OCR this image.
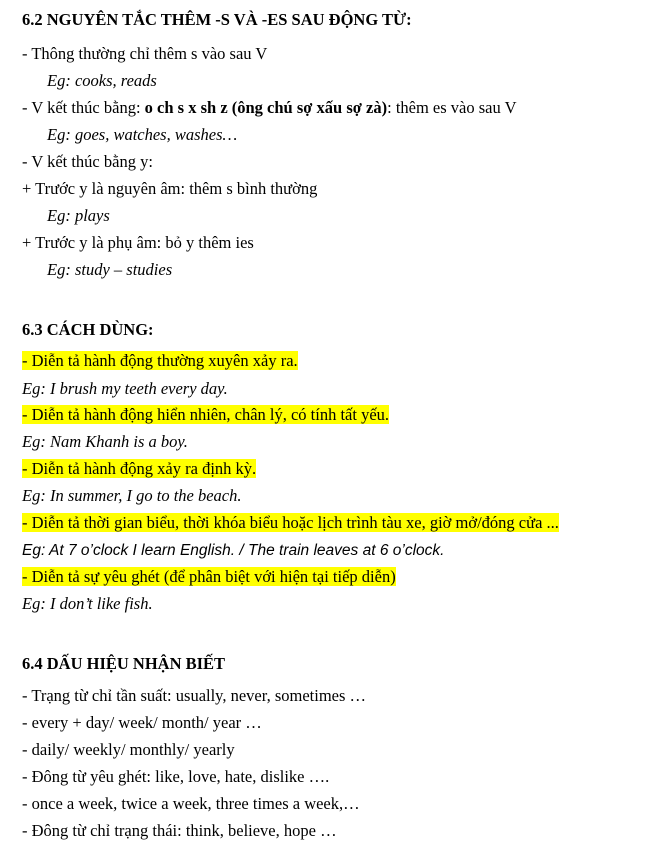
6.2 NGUYÊN TẮC THÊM -S VÀ -ES SAU ĐỘNG TỪ:
- Thông thường chỉ thêm s vào sau V
Eg: cooks, reads
- V kết thúc bằng: o ch s x sh z (ông chú sợ xấu sợ zà): thêm es vào sau V
Eg: goes, watches, washes…
- V kết thúc bằng y:
+ Trước y là nguyên âm: thêm s bình thường
Eg: plays
+ Trước y là phụ âm: bỏ y thêm ies
Eg: study – studies
6.3 CÁCH DÙNG:
- Diễn tả hành động thường xuyên xảy ra.
Eg: I brush my teeth every day.
- Diễn tả hành động hiển nhiên, chân lý, có tính tất yếu.
Eg: Nam Khanh is a boy.
- Diễn tả hành động xảy ra định kỳ.
Eg: In summer, I go to the beach.
- Diễn tả thời gian biểu, thời khóa biểu hoặc lịch trình tàu xe, giờ mở/đóng cửa ...
Eg: At 7 o’clock I learn English. / The train leaves at 6 o’clock.
- Diễn tả sự yêu ghét (để phân biệt với hiện tại tiếp diễn)
Eg: I don’t like fish.
6.4 DẤU HIỆU NHẬN BIẾT
- Trạng từ chỉ tần suất: usually, never, sometimes …
- every + day/ week/ month/ year …
- daily/ weekly/ monthly/ yearly
- Đông từ yêu ghét: like, love, hate, dislike ….
- once a week, twice a week, three times a week,…
- Đông từ chỉ trạng thái: think, believe, hope …
